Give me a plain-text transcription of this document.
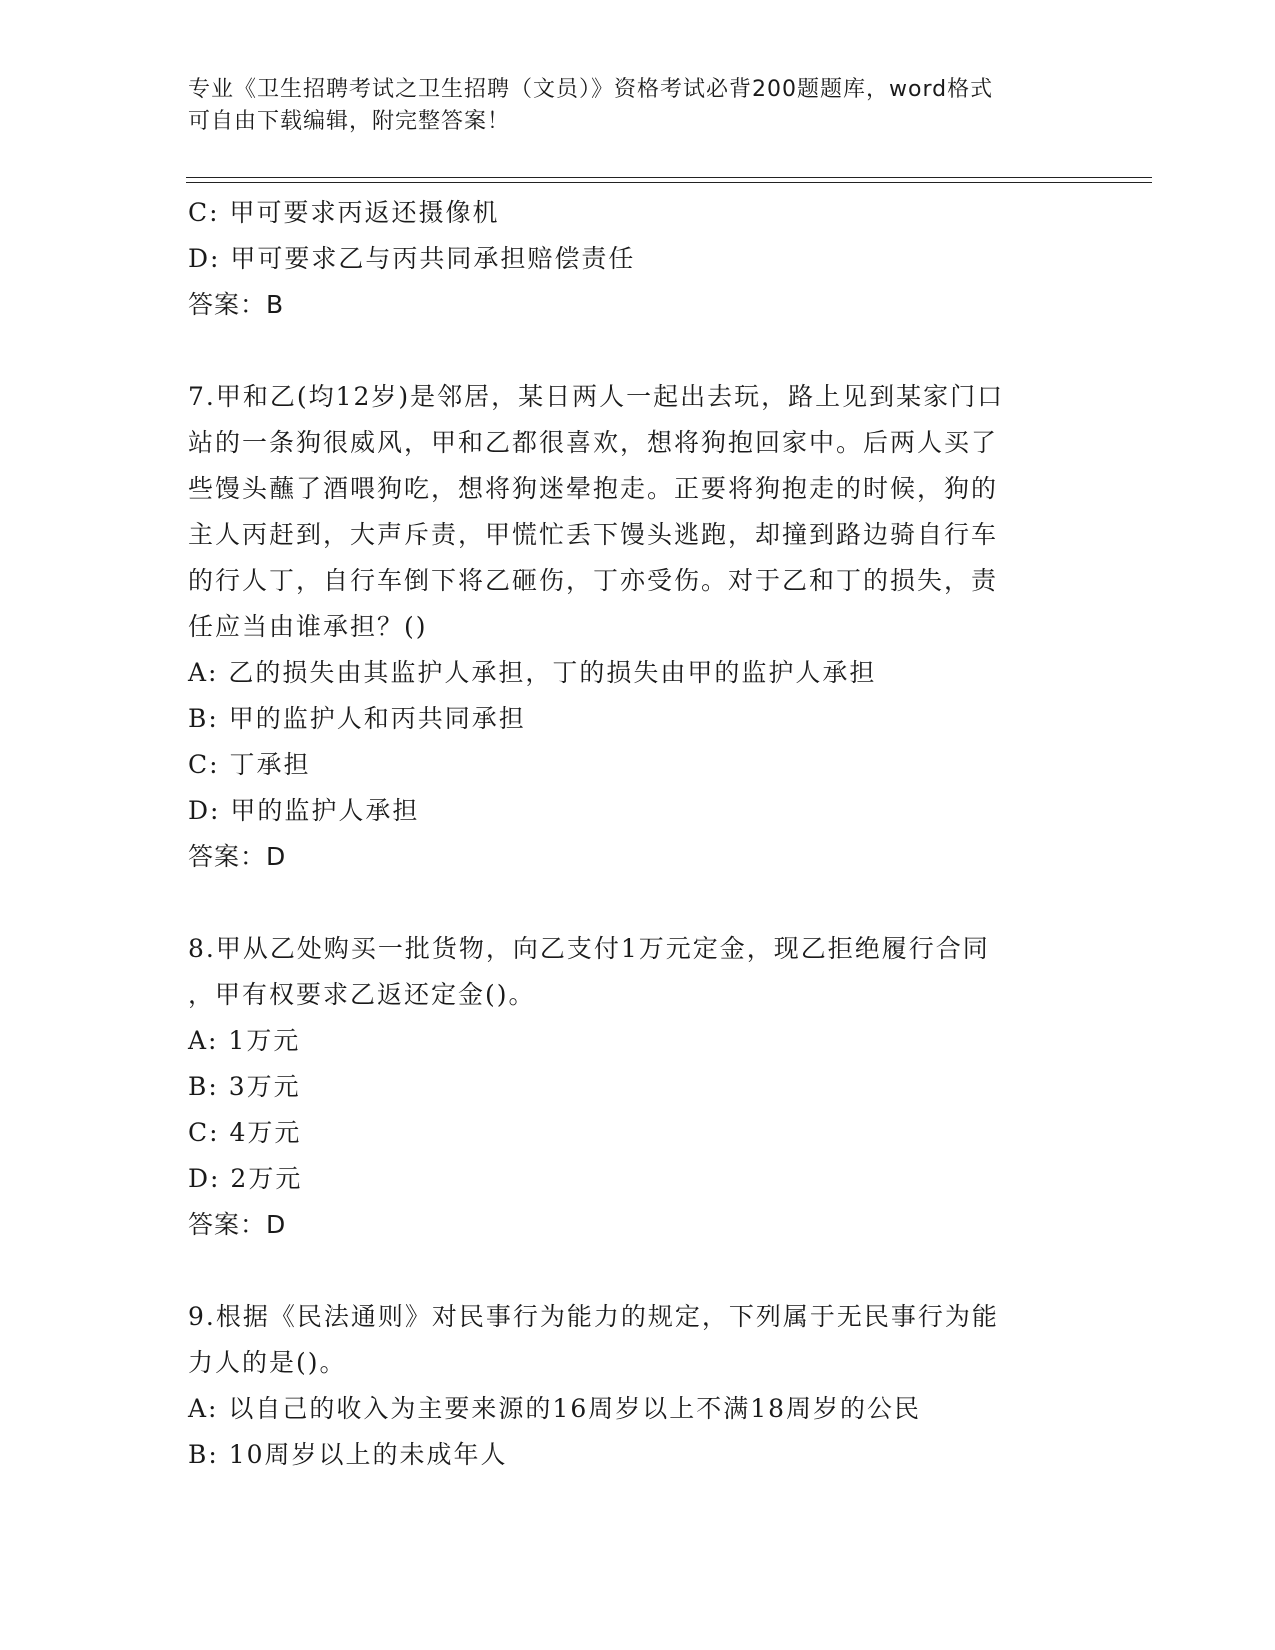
专业《卫生招聘考试之卫生招聘（文员）》资格考试必背200题题库，word格式
可自由下载编辑，附完整答案！
C: 甲可要求丙返还摄像机
D: 甲可要求乙与丙共同承担赔偿责任
答案：B
7.甲和乙(均12岁)是邻居，某日两人一起出去玩，路上见到某家门口
站的一条狗很威风，甲和乙都很喜欢，想将狗抱回家中。后两人买了
些馒头蘸了酒喂狗吃，想将狗迷晕抱走。正要将狗抱走的时候，狗的
主人丙赶到，大声斥责，甲慌忙丢下馒头逃跑，却撞到路边骑自行车
的行人丁，自行车倒下将乙砸伤，丁亦受伤。对于乙和丁的损失，责
任应当由谁承担？()
A: 乙的损失由其监护人承担，丁的损失由甲的监护人承担
B: 甲的监护人和丙共同承担
C: 丁承担
D: 甲的监护人承担
答案：D
8.甲从乙处购买一批货物，向乙支付1万元定金，现乙拒绝履行合同
，甲有权要求乙返还定金()。
A: 1万元
B: 3万元
C: 4万元
D: 2万元
答案：D
9.根据《民法通则》对民事行为能力的规定，下列属于无民事行为能
力人的是()。
A: 以自己的收入为主要来源的16周岁以上不满18周岁的公民
B: 10周岁以上的未成年人
